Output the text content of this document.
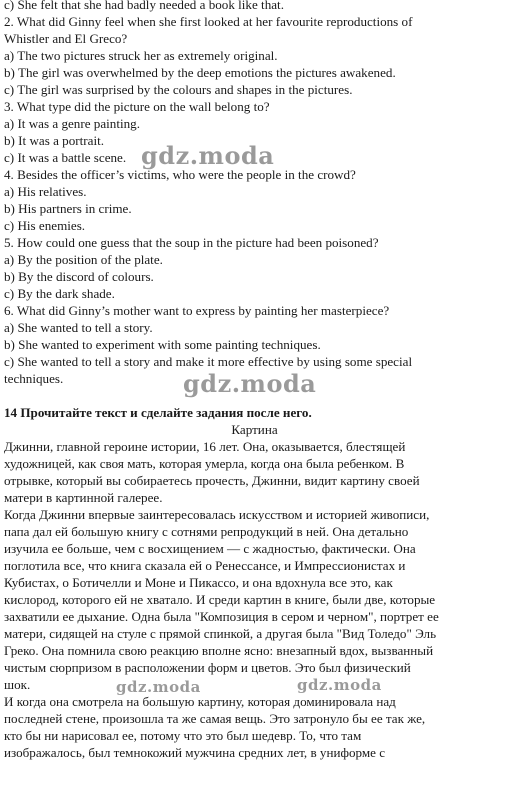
c) She felt that she had badly needed a book like that.
2. What did Ginny feel when she first looked at her favourite reproductions of
Whistler and El Greco?
a) The two pictures struck her as extremely original.
b) The girl was overwhelmed by the deep emotions the pictures awakened.
c) The girl was surprised by the colours and shapes in the pictures.
3. What type did the picture on the wall belong to?
a) It was a genre painting.
b) It was a portrait.
c) It was a battle scene.
4. Besides the officer’s victims, who were the people in the crowd?
a) His relatives.
b) His partners in crime.
c) His enemies.
5. How could one guess that the soup in the picture had been poisoned?
a) By the position of the plate.
b) By the discord of colours.
c) By the dark shade.
6. What did Ginny’s mother want to express by painting her masterpiece?
a) She wanted to tell a story.
b) She wanted to experiment with some painting techniques.
c) She wanted to tell a story and make it more effective by using some special
techniques.
14 Прочитайте текст и сделайте задания после него.
Картина
Джинни, главной героине истории, 16 лет. Она, оказывается, блестящей
художницей, как своя мать, которая умерла, когда она была ребенком. В
отрывке, который вы собираетесь прочесть, Джинни, видит картину своей
матери в картинной галерее.
Когда Джинни впервые заинтересовалась искусством и историей живописи,
папа дал ей большую книгу с сотнями репродукций в ней. Она детально
изучила ее больше, чем с восхищением — с жадностью, фактически. Она
поглотила все, что книга сказала ей о Ренессансе, и Импрессионистах и
Кубистах, о Ботичелли и Моне и Пикассо, и она вдохнула все это, как
кислород, которого ей не хватало. И среди картин в книге, были две, которые
захватили ее дыхание. Одна была "Композиция в сером и черном", портрет ее
матери, сидящей на стуле с прямой спинкой, а другая была "Вид Толедо" Эль
Греко. Она помнила свою реакцию вполне ясно: внезапный вдох, вызванный
чистым сюрпризом в расположении форм и цветов. Это был физический
шок.
И когда она смотрела на большую картину, которая доминировала над
последней стене, произошла та же самая вещь. Это затронуло бы ее так же,
кто бы ни нарисовал ее, потому что это был шедевр. То, что там
изображалось, был темнокожий мужчина средних лет, в униформе с
gdz.moda
gdz.moda
gdz.moda	gdz.moda
